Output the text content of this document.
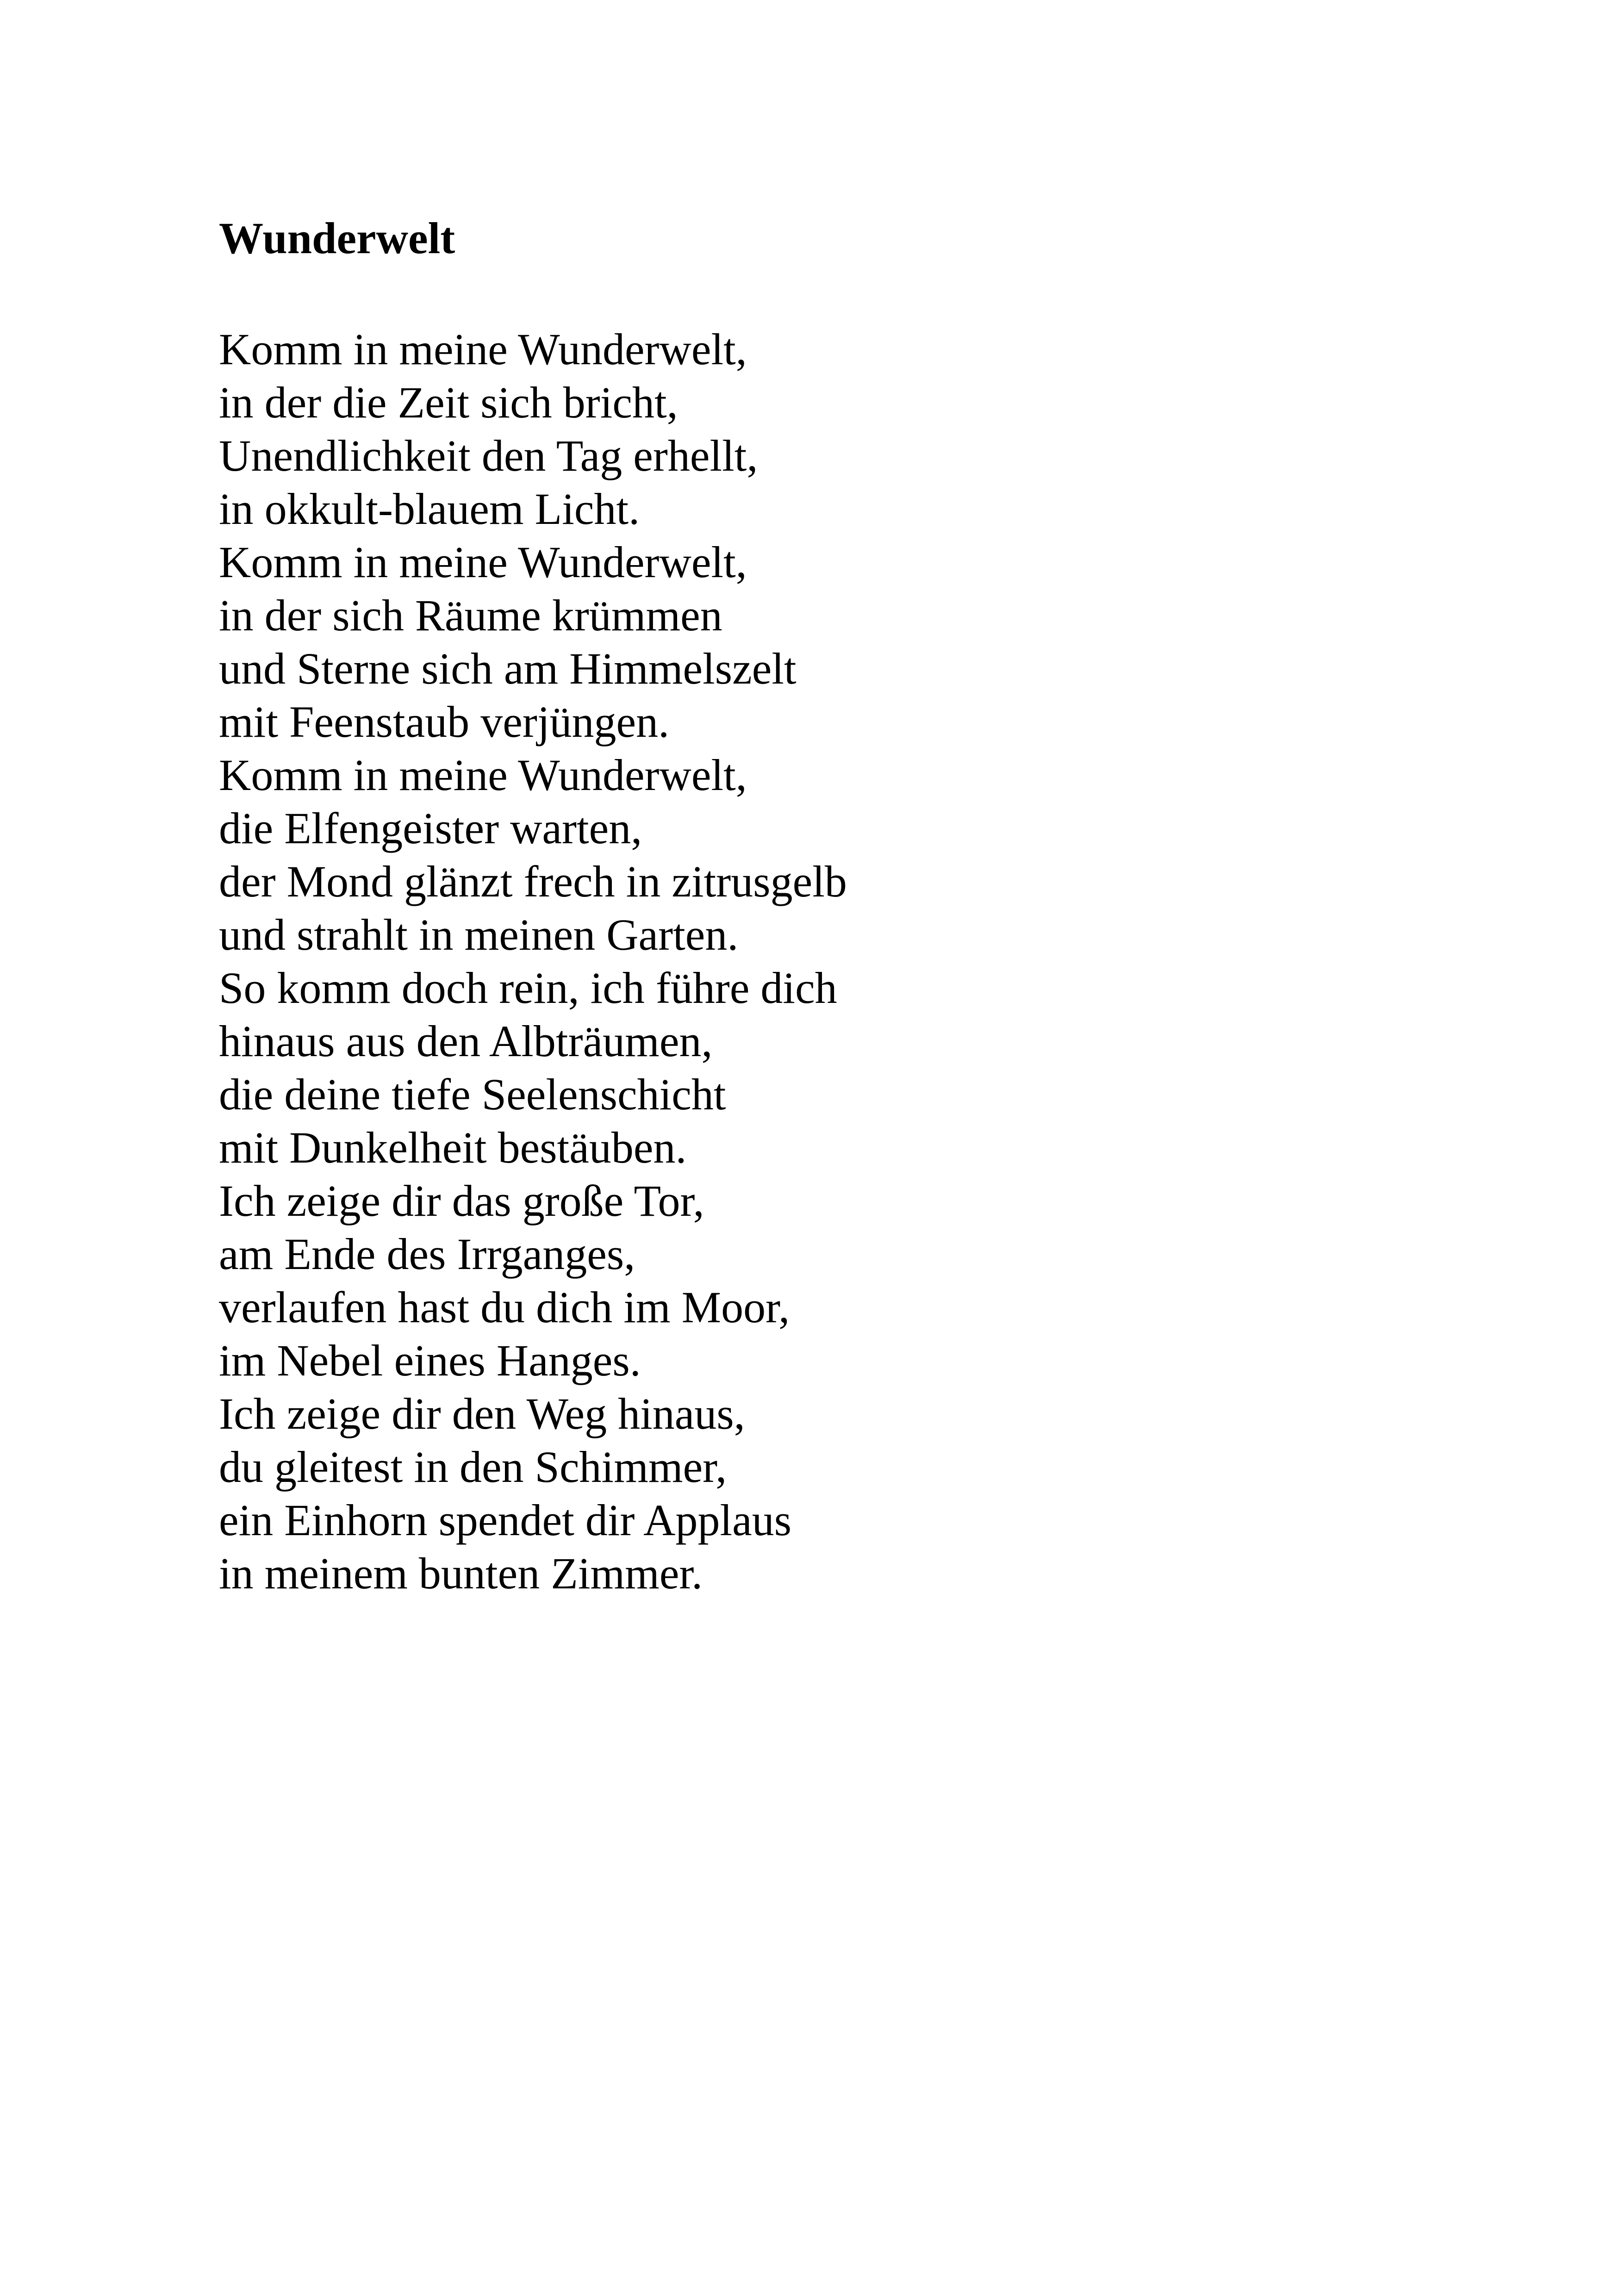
Wunderwelt
Komm in meine Wunderwelt,
in der die Zeit sich bricht,
Unendlichkeit den Tag erhellt,
in okkult-blauem Licht.
Komm in meine Wunderwelt,
in der sich Räume krümmen
und Sterne sich am Himmelszelt
mit Feenstaub verjüngen.
Komm in meine Wunderwelt,
die Elfengeister warten,
der Mond glänzt frech in zitrusgelb
und strahlt in meinen Garten.
So komm doch rein, ich führe dich
hinaus aus den Albträumen,
die deine tiefe Seelenschicht
mit Dunkelheit bestäuben.
Ich zeige dir das große Tor,
am Ende des Irrganges,
verlaufen hast du dich im Moor,
im Nebel eines Hanges.
Ich zeige dir den Weg hinaus,
du gleitest in den Schimmer,
ein Einhorn spendet dir Applaus
in meinem bunten Zimmer.
